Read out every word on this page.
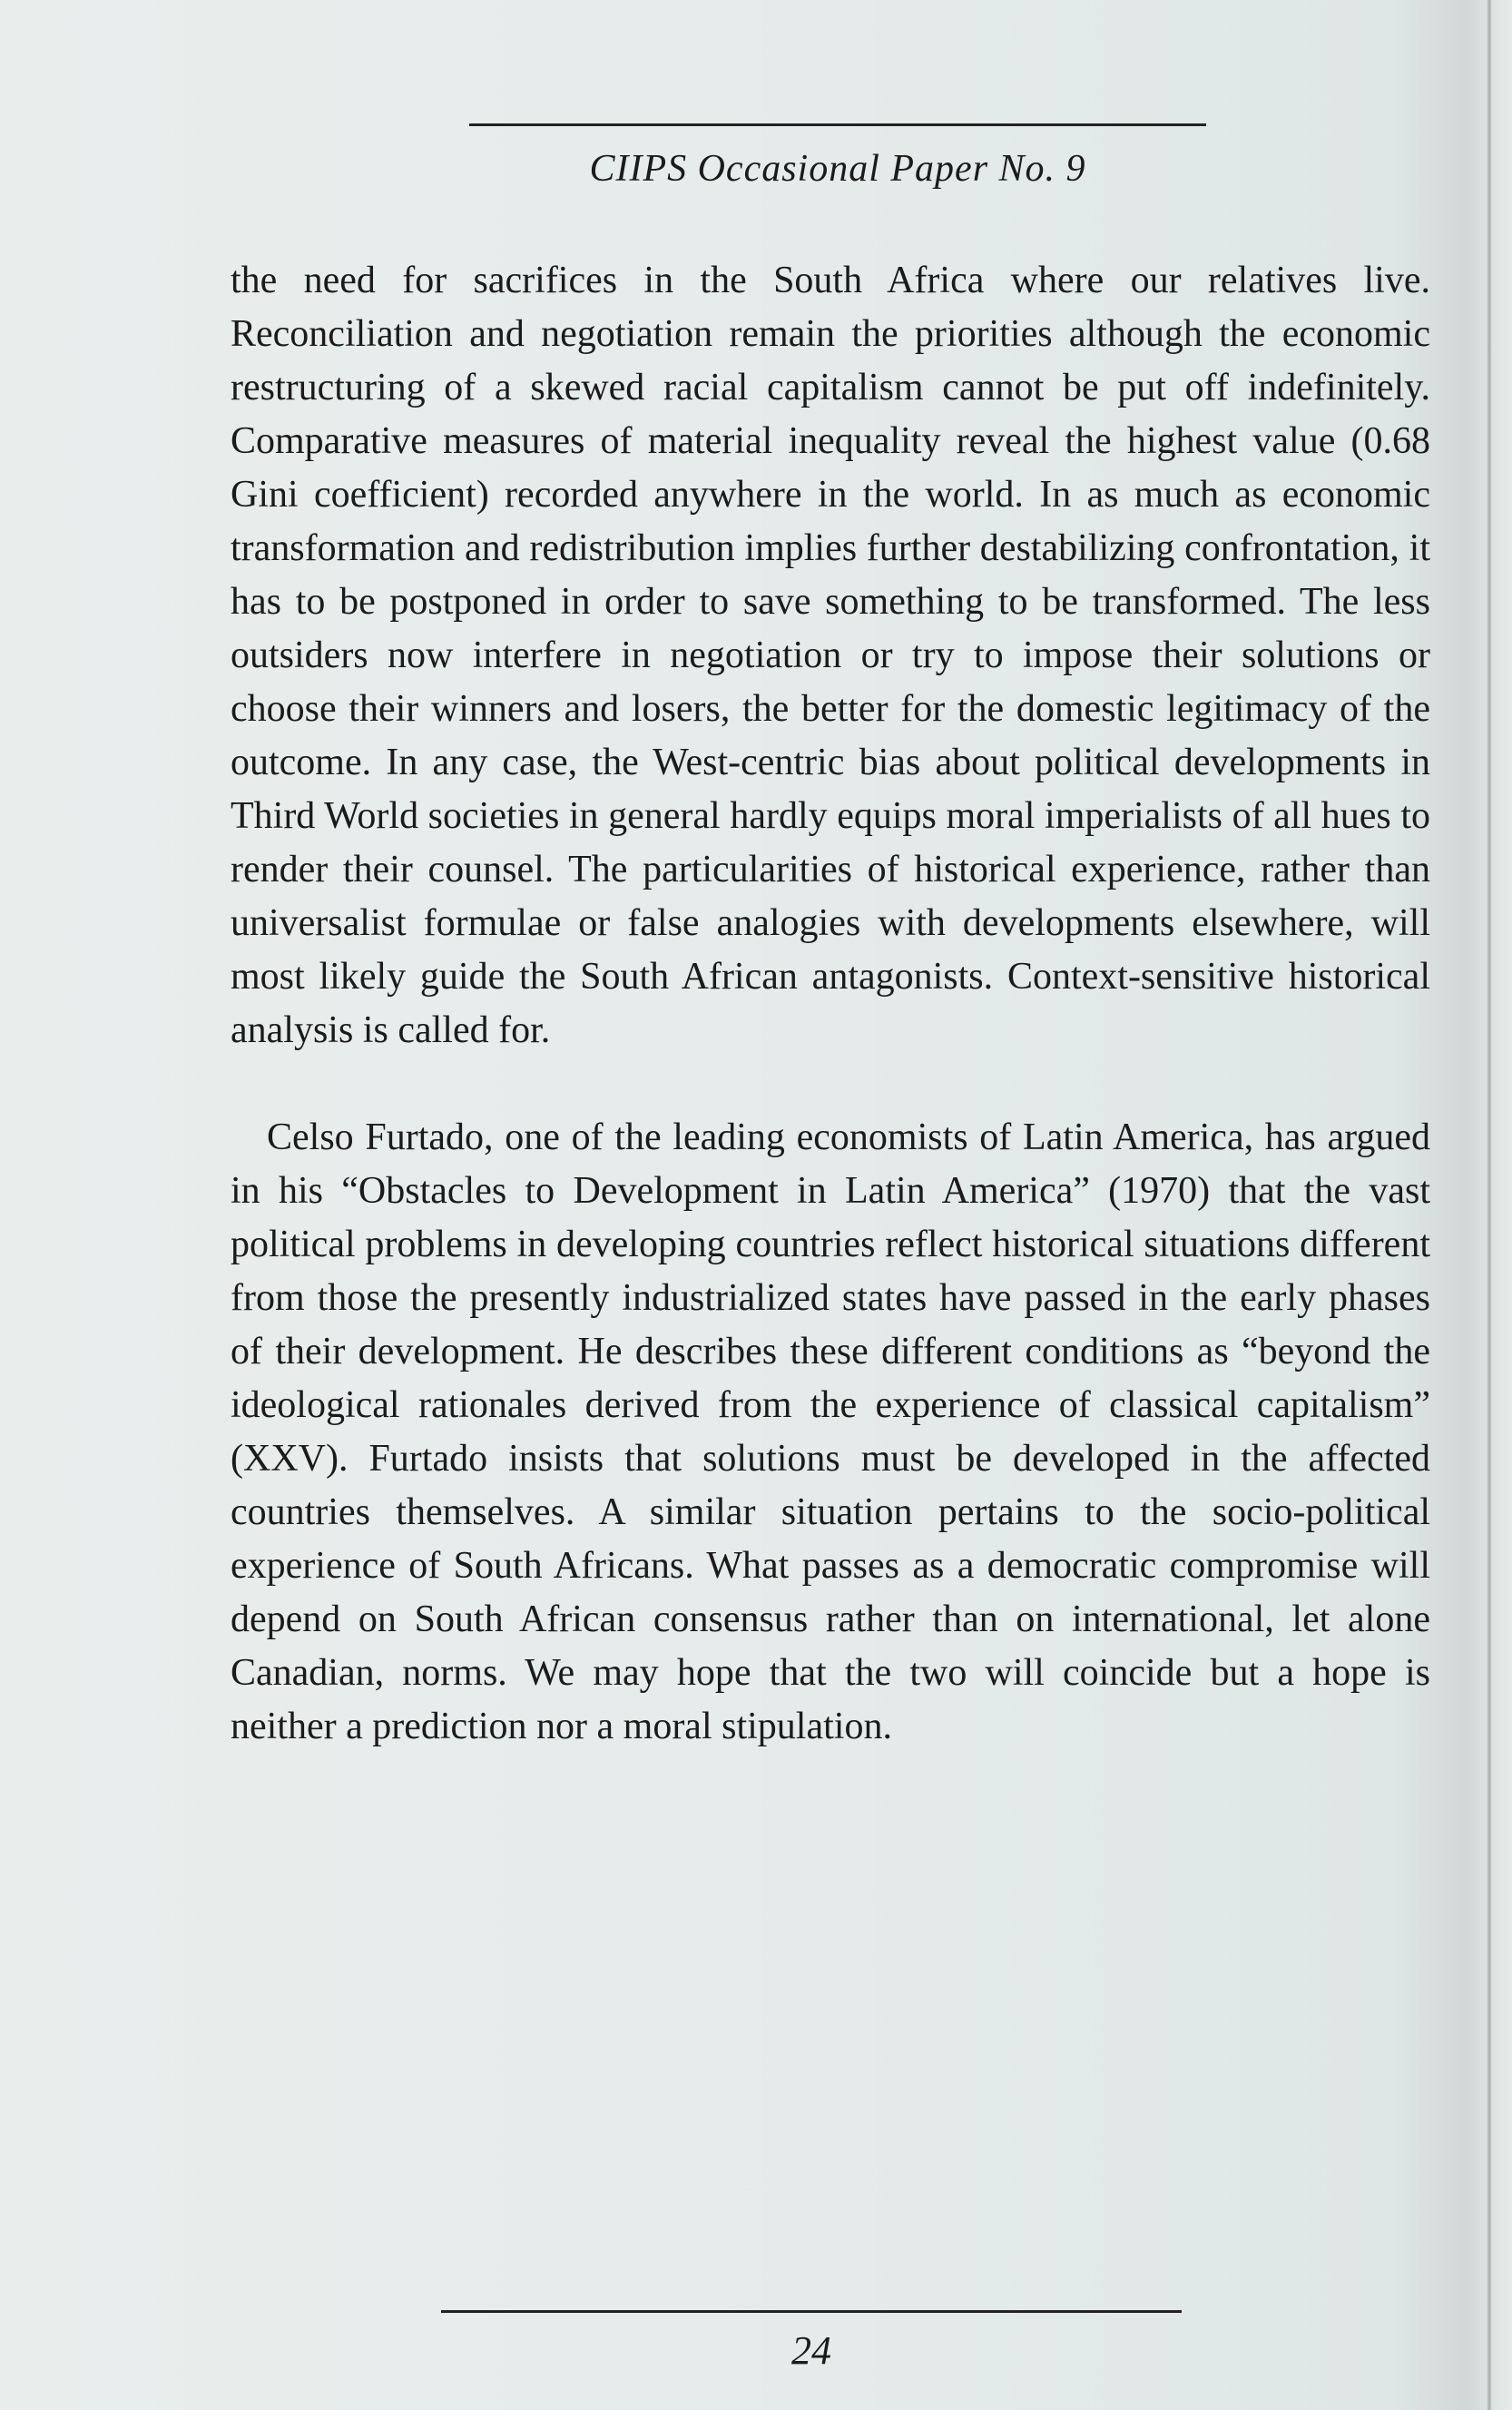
CIIPS Occasional Paper No. 9

the need for sacrifices in the South Africa where our relatives live. Reconciliation and negotiation remain the priorities although the economic restructuring of a skewed racial capitalism cannot be put off indefinitely. Comparative measures of material inequality reveal the highest value (0.68 Gini coefficient) recorded anywhere in the world. In as much as economic transformation and redistribution implies further destabilizing confrontation, it has to be postponed in order to save something to be transformed. The less outsiders now interfere in negotiation or try to impose their solutions or choose their winners and losers, the better for the domestic legitimacy of the outcome. In any case, the West-centric bias about political developments in Third World societies in general hardly equips moral imperialists of all hues to render their counsel. The particularities of historical experience, rather than universalist formulae or false analogies with developments elsewhere, will most likely guide the South African antagonists. Context-sensitive historical analysis is called for.

Celso Furtado, one of the leading economists of Latin America, has argued in his “Obstacles to Development in Latin America” (1970) that the vast political problems in developing countries reflect historical situations different from those the presently industrialized states have passed in the early phases of their development. He describes these different conditions as “beyond the ideological rationales derived from the experience of classical capitalism” (XXV). Furtado insists that solutions must be developed in the affected countries themselves. A similar situation pertains to the socio-political experience of South Africans. What passes as a democratic compromise will depend on South African consensus rather than on international, let alone Canadian, norms. We may hope that the two will coincide but a hope is neither a prediction nor a moral stipulation.

24
